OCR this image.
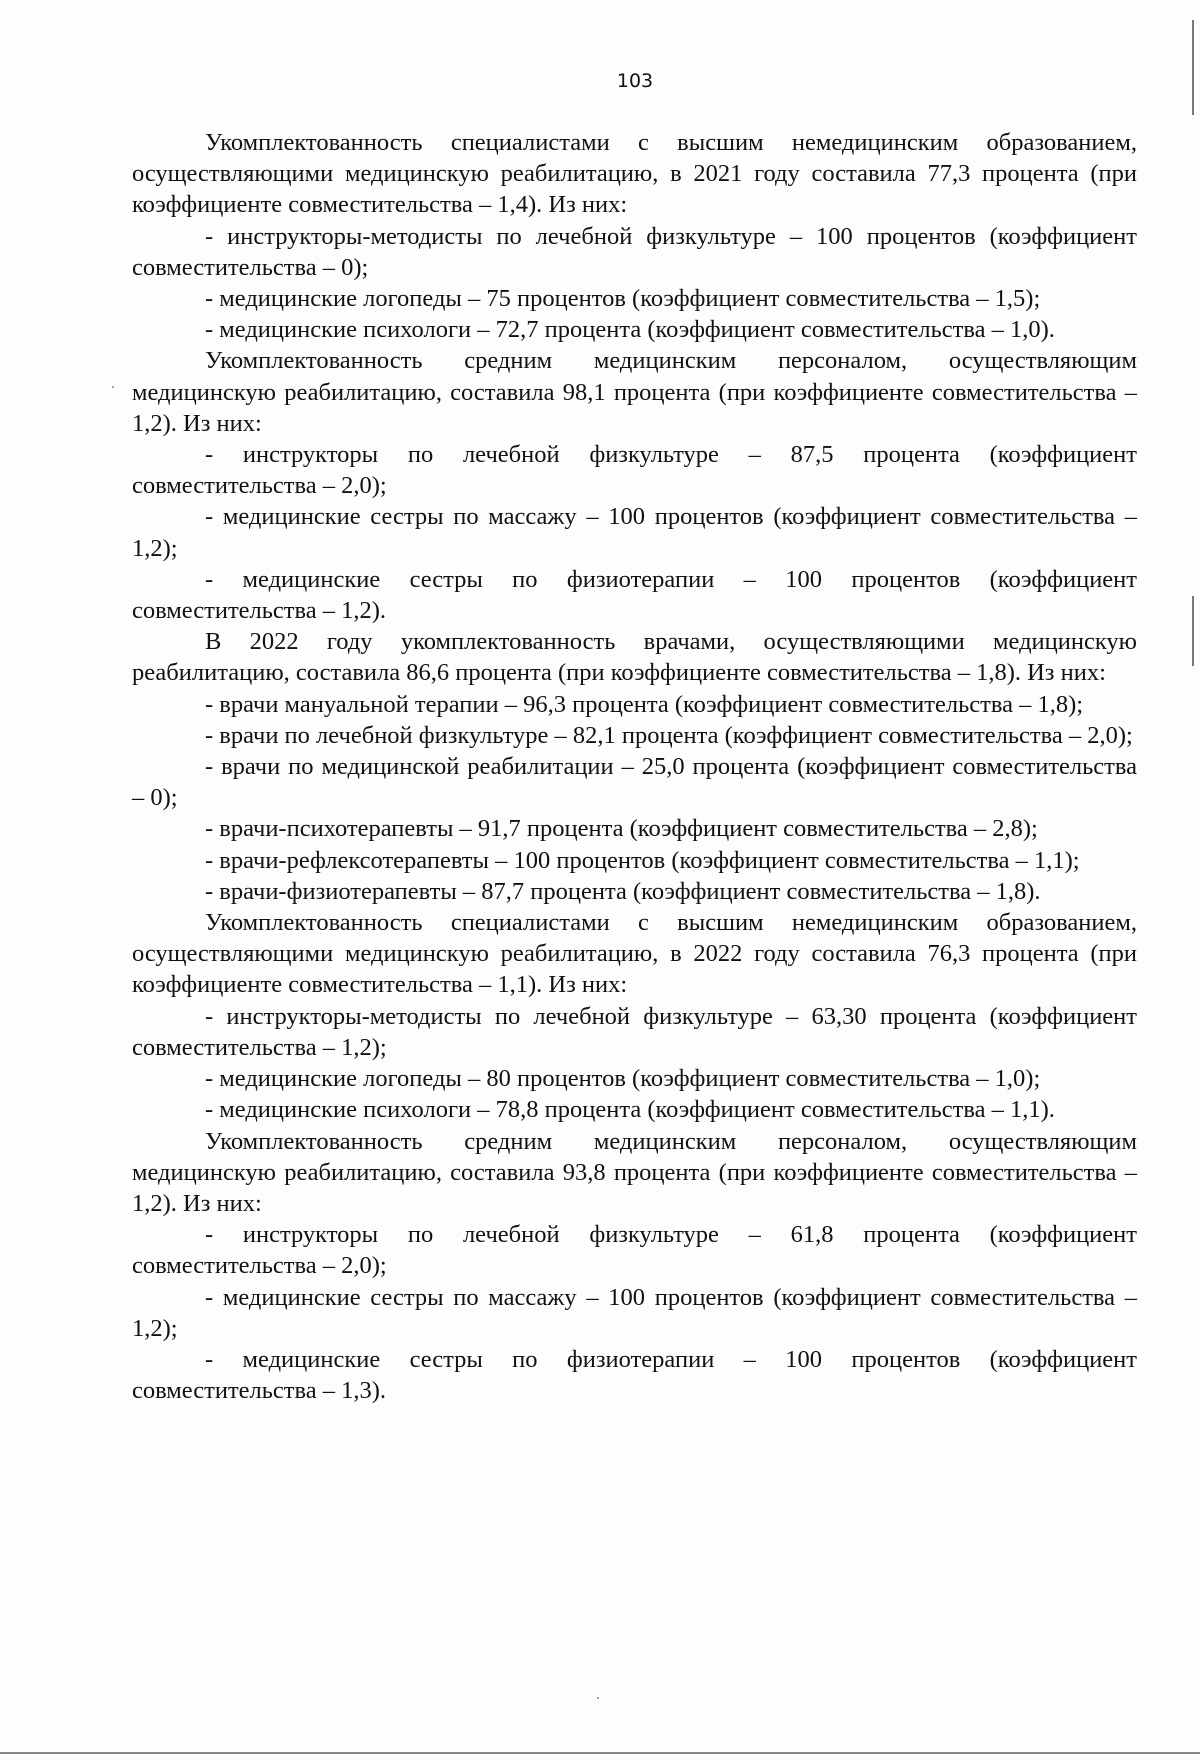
103

Укомплектованность специалистами с высшим немедицинским образованием, осуществляющими медицинскую реабилитацию, в 2021 году составила 77,3 процента (при коэффициенте совместительства – 1,4). Из них:

- инструкторы-методисты по лечебной физкультуре – 100 процентов (коэффициент совместительства – 0);

- медицинские логопеды – 75 процентов (коэффициент совместительства – 1,5);

- медицинские психологи – 72,7 процента (коэффициент совместительства – 1,0).

Укомплектованность средним медицинским персоналом, осуществляющим медицинскую реабилитацию, составила 98,1 процента (при коэффициенте совместительства – 1,2). Из них:

- инструкторы по лечебной физкультуре – 87,5 процента (коэффициент совместительства – 2,0);

- медицинские сестры по массажу – 100 процентов (коэффициент совместительства – 1,2);

- медицинские сестры по физиотерапии – 100 процентов (коэффициент совместительства – 1,2).

В 2022 году укомплектованность врачами, осуществляющими медицинскую реабилитацию, составила 86,6 процента (при коэффициенте совместительства – 1,8). Из них:

- врачи мануальной терапии – 96,3 процента (коэффициент совместительства – 1,8);

- врачи по лечебной физкультуре – 82,1 процента (коэффициент совместительства – 2,0);

- врачи по медицинской реабилитации – 25,0 процента (коэффициент совместительства – 0);

- врачи-психотерапевты – 91,7 процента (коэффициент совместительства – 2,8);

- врачи-рефлексотерапевты – 100 процентов (коэффициент совместительства – 1,1);

- врачи-физиотерапевты – 87,7 процента (коэффициент совместительства – 1,8).

Укомплектованность специалистами с высшим немедицинским образованием, осуществляющими медицинскую реабилитацию, в 2022 году составила 76,3 процента (при коэффициенте совместительства – 1,1). Из них:

- инструкторы-методисты по лечебной физкультуре – 63,30 процента (коэффициент совместительства – 1,2);

- медицинские логопеды – 80 процентов (коэффициент совместительства – 1,0);

- медицинские психологи – 78,8 процента (коэффициент совместительства – 1,1).

Укомплектованность средним медицинским персоналом, осуществляющим медицинскую реабилитацию, составила 93,8 процента (при коэффициенте совместительства – 1,2). Из них:

- инструкторы по лечебной физкультуре – 61,8 процента (коэффициент совместительства – 2,0);

- медицинские сестры по массажу – 100 процентов (коэффициент совместительства – 1,2);

- медицинские сестры по физиотерапии – 100 процентов (коэффициент совместительства – 1,3).
